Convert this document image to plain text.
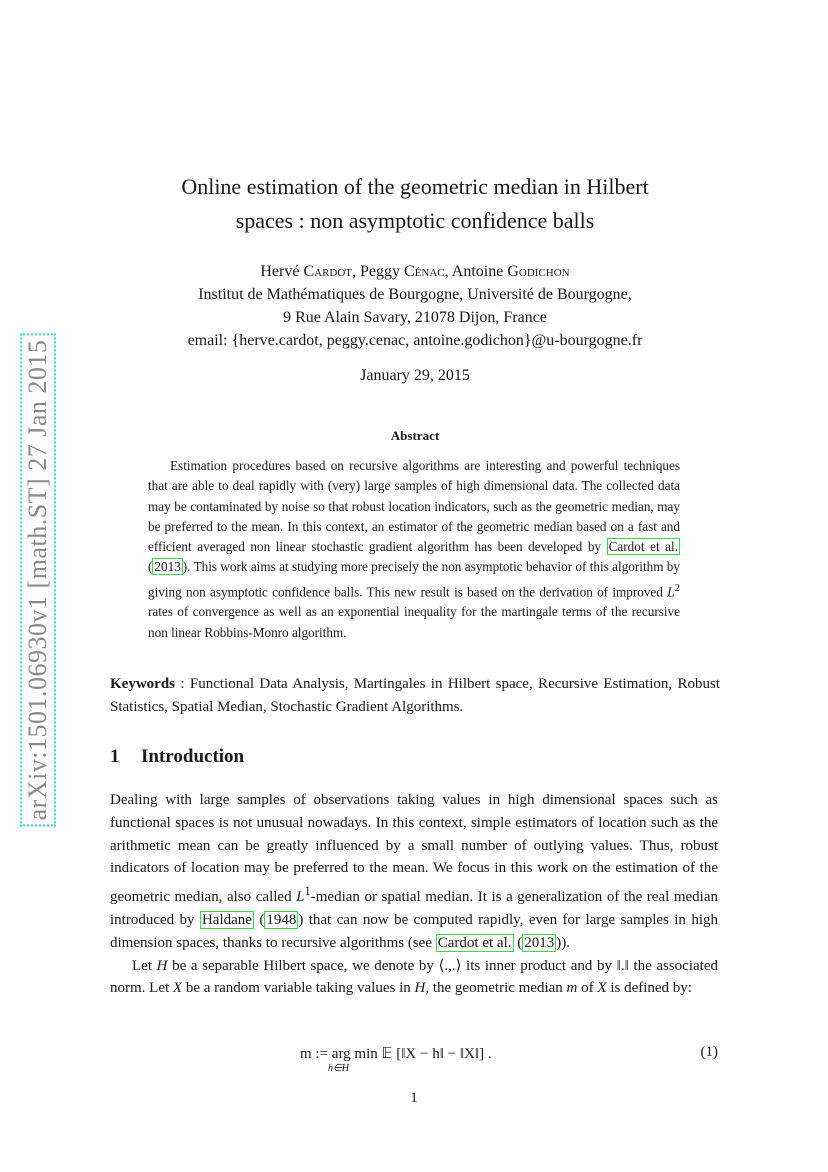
arXiv:1501.06930v1 [math.ST] 27 Jan 2015
Online estimation of the geometric median in Hilbert
spaces : non asymptotic confidence balls
Hervé Cardot, Peggy Cénac, Antoine Godichon
Institut de Mathématiques de Bourgogne, Université de Bourgogne,
9 Rue Alain Savary, 21078 Dijon, France
email: {herve.cardot, peggy.cenac, antoine.godichon}@u-bourgogne.fr
January 29, 2015
Abstract
Estimation procedures based on recursive algorithms are interesting and powerful techniques that are able to deal rapidly with (very) large samples of high dimensional data. The collected data may be contaminated by noise so that robust location indicators, such as the geometric median, may be preferred to the mean. In this context, an estimator of the geometric median based on a fast and efficient averaged non linear stochastic gradient algorithm has been developed by Cardot et al. ( 2013 ). This work aims at studying more precisely the non asymptotic behavior of this algorithm by giving non asymptotic confidence balls. This new result is based on the derivation of improved $L^2$ rates of convergence as well as an exponential inequality for the martingale terms of the recursive non linear Robbins-Monro algorithm.
Keywords : Functional Data Analysis, Martingales in Hilbert space, Recursive Estimation, Robust Statistics, Spatial Median, Stochastic Gradient Algorithms.
1 Introduction

Dealing with large samples of observations taking values in high dimensional spaces such as functional spaces is not unusual nowadays. In this context, simple estimators of location such as the arithmetic mean can be greatly influenced by a small number of outlying values. Thus, robust indicators of location may be preferred to the mean. We focus in this work on the estimation of the geometric median, also called $L^1$-median or spatial median. It is a generalization of the real median introduced by Haldane ( 1948 ) that can now be computed rapidly, even for large samples in high dimension spaces, thanks to recursive algorithms (see Cardot et al. ( 2013 )).

Let H be a separable Hilbert space, we denote by ⟨.,.⟩ its inner product and by ‖.‖ the associated norm. Let X be a random variable taking values in H, the geometric median m of X is defined by:

m := arg min
h∈H
𝔼 [‖X − h‖ − ‖X‖] .	(1)
1
